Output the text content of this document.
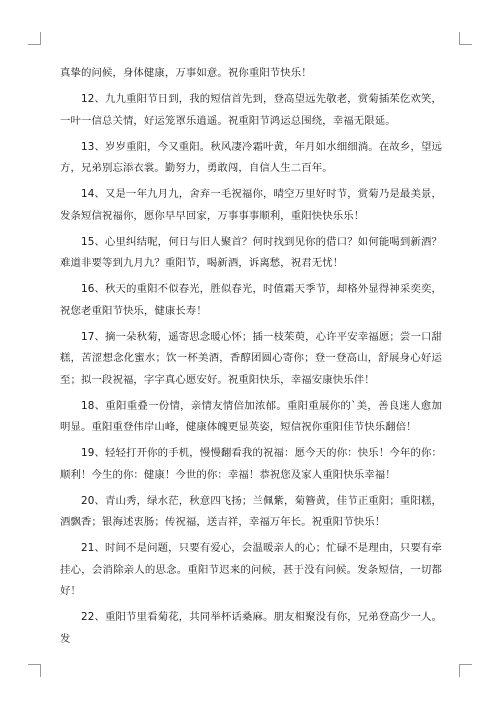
真挚的问候，身体健康，万事如意。祝你重阳节快乐！

12、九九重阳节日到，我的短信首先到，登高望远先敬老，赏菊插茱仡欢笑，一叶一信总关情，好运笼罩乐逍遥。祝重阳节鸿运总围绕，幸福无限延。

13、岁岁重阳，今又重阳。秋风凄冷霜叶黄，年月如水细细淌。在故乡，望远方，兄弟别忘添衣裳。勤努力，勇敢闯，自信人生二百年。

14、又是一年九月九，舍弃一毛祝福你，晴空万里好时节，赏菊乃是最美景，发条短信祝福你，愿你早早回家，万事事事顺利，重阳快快乐乐！

15、心里纠结呢，何日与旧人聚首？何时找到见你的借口？如何能喝到新酒？难道非要等到九月九？重阳节，喝新酒，诉离愁，祝君无忧！

16、秋天的重阳不似春光，胜似春光，时值霜天季节，却格外显得神采奕奕，祝您老重阳节快乐，健康长寿！

17、摘一朵秋菊，遥寄思念暖心怀；插一枝茱萸，心许平安幸福愿；尝一口甜糕，苦涩想念化蜜水；饮一杯美酒，香醇团圆心寄你；登一登高山，舒展身心好运至；拟一段祝福，字字真心愿安好。祝重阳快乐，幸福安康快乐伴！

18、重阳重叠一份情，亲情友情倍加浓郁。重阳重展你的`美，善良迷人愈加明显。重阳重登伟岸山峰，健康体魄更显英姿，短信祝你重阳佳节快乐翻倍！

19、轻轻打开你的手机，慢慢翻看我的祝福：愿今天的你：快乐！今年的你：顺利！今生的你：健康！今世的你：幸福！恭祝您及家人重阳快乐幸福！

20、青山秀，绿水茫，秋意四飞扬；兰佩紫，菊簪黄，佳节正重阳；重阳糕，酒飘香；银海述衷肠；传祝福，送吉祥，幸福万年长。祝重阳节快乐！

21、时间不是问题，只要有爱心，会温暖亲人的心；忙碌不是理由，只要有牵挂心，会消除亲人的思念。重阳节迟来的问候，甚于没有问候。发条短信，一切都好！

22、重阳节里看菊花，共同举杯话桑麻。朋友相聚没有你，兄弟登高少一人。发
